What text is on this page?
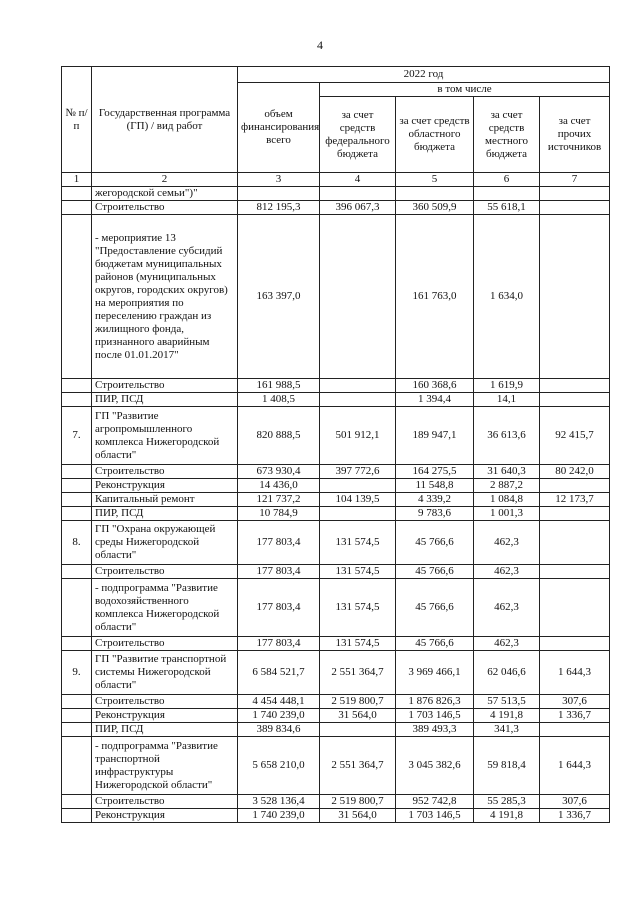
4
№ п/п	Государственная программа (ГП) / вид работ	2022 год				
		объем финансирования всего	в том числе			
			за счет средств федерального бюджета	за счет средств областного бюджета	за счет средств местного бюджета	за счет прочих источников
1	2	3	4	5	6	7
	жегородской семьи")"					
	Строительство	812 195,3	396 067,3	360 509,9	55 618,1	
	- мероприятие 13 "Предоставление субсидий бюджетам муниципальных районов (муниципальных округов, городских округов) на мероприятия по переселению граждан из жилищного фонда, признанного аварийным после 01.01.2017"	163 397,0		161 763,0	1 634,0	
	Строительство	161 988,5		160 368,6	1 619,9	
	ПИР, ПСД	1 408,5		1 394,4	14,1	
7.	ГП "Развитие агропромышленного комплекса Нижегородской области"	820 888,5	501 912,1	189 947,1	36 613,6	92 415,7
	Строительство	673 930,4	397 772,6	164 275,5	31 640,3	80 242,0
	Реконструкция	14 436,0		11 548,8	2 887,2	
	Капитальный ремонт	121 737,2	104 139,5	4 339,2	1 084,8	12 173,7
	ПИР, ПСД	10 784,9		9 783,6	1 001,3	
8.	ГП "Охрана окружающей среды Нижегородской области"	177 803,4	131 574,5	45 766,6	462,3	
	Строительство	177 803,4	131 574,5	45 766,6	462,3	
	- подпрограмма "Развитие водохозяйственного комплекса Нижегородской области"	177 803,4	131 574,5	45 766,6	462,3	
	Строительство	177 803,4	131 574,5	45 766,6	462,3	
9.	ГП "Развитие транспортной системы Нижегородской области"	6 584 521,7	2 551 364,7	3 969 466,1	62 046,6	1 644,3
	Строительство	4 454 448,1	2 519 800,7	1 876 826,3	57 513,5	307,6
	Реконструкция	1 740 239,0	31 564,0	1 703 146,5	4 191,8	1 336,7
	ПИР, ПСД	389 834,6		389 493,3	341,3	
	- подпрограмма "Развитие транспортной инфраструктуры Нижегородской области"	5 658 210,0	2 551 364,7	3 045 382,6	59 818,4	1 644,3
	Строительство	3 528 136,4	2 519 800,7	952 742,8	55 285,3	307,6
	Реконструкция	1 740 239,0	31 564,0	1 703 146,5	4 191,8	1 336,7
